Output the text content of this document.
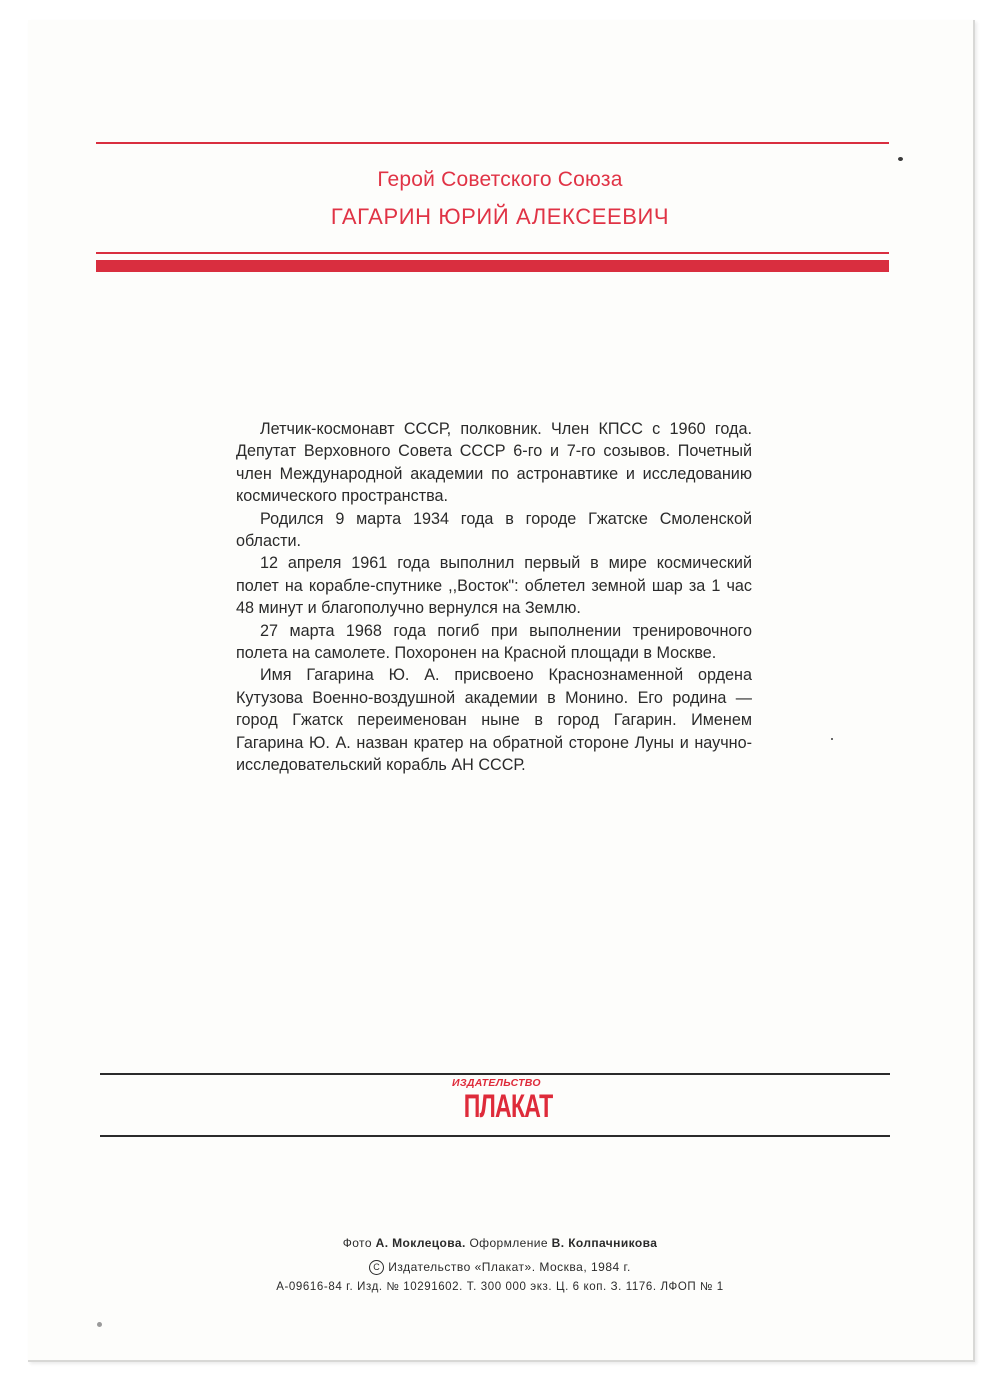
Герой Советского Союза
ГАГАРИН ЮРИЙ АЛЕКСЕЕВИЧ

Летчик-космонавт СССР, полковник. Член КПСС с 1960 года. Депутат Верховного Совета СССР 6-го и 7-го созывов. Почетный член Международной академии по астронавтике и исследованию космического пространства.

Родился 9 марта 1934 года в городе Гжатске Смоленской области.

12 апреля 1961 года выполнил первый в мире космический полет на корабле-спутнике ,,Восток": облетел земной шар за 1 час 48 минут и благополучно вернулся на Землю.

27 марта 1968 года погиб при выполнении тренировочного полета на самолете. Похоронен на Красной площади в Москве.

Имя Гагарина Ю. А. присвоено Краснознаменной ордена Кутузова Военно-воздушной академии в Монино. Его родина — город Гжатск переименован ныне в город Гагарин. Именем Гагарина Ю. А. назван кратер на обратной стороне Луны и научно-исследовательский корабль АН СССР.

ИЗДАТЕЛЬСТВО
ПЛАКАТ
Фото А. Моклецова. Оформление В. Колпачникова
C Издательство «Плакат». Москва, 1984 г.
А-09616-84 г. Изд. № 10291602. Т. 300 000 экз. Ц. 6 коп. З. 1176. ЛФОП № 1
